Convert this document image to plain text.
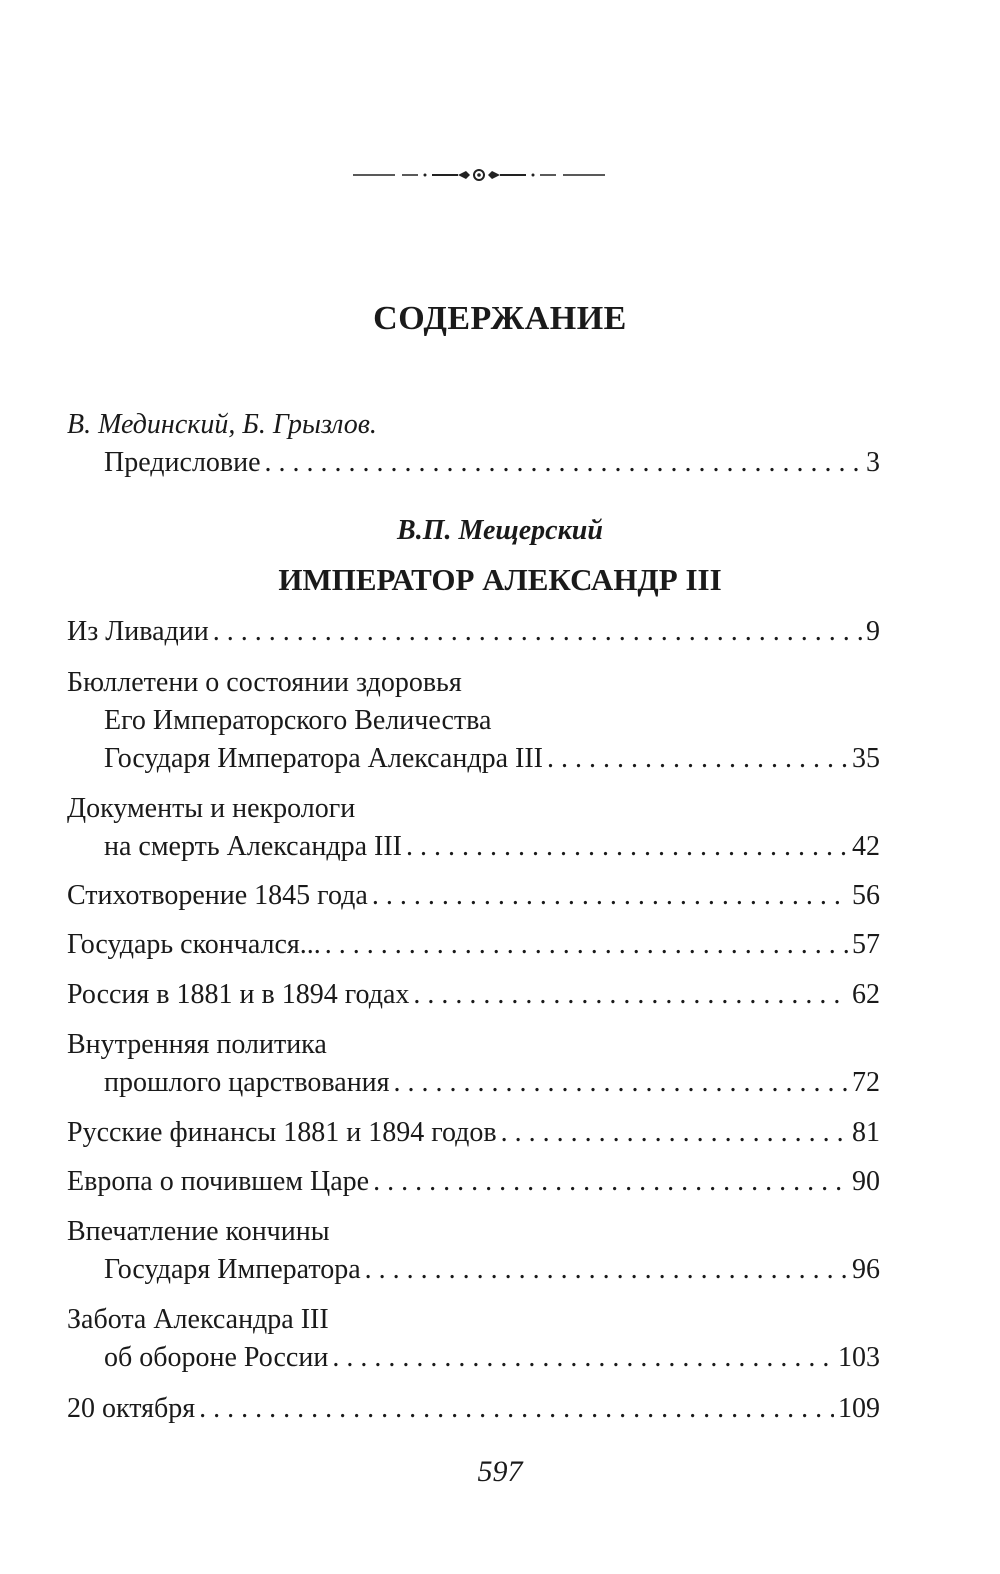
СОДЕРЖАНИЕ
В. Мединский, Б. Грызлов.
Предисловие . . .	3
В.П. Мещерский
ИМПЕРАТОР АЛЕКСАНДР III
Из Ливадии . . .	9
Бюллетени о состоянии здоровья
Его Императорского Величества
Государя Императора Александра III . . .	35
Документы и некрологи
на смерть Александра III . . .	42
Стихотворение 1845 года . . .	56
Государь скончался... . . .	57
Россия в 1881 и в 1894 годах . . .	62
Внутренняя политика
прошлого царствования . . .	72
Русские финансы 1881 и 1894 годов . . .	81
Европа о почившем Царе . . .	90
Впечатление кончины
Государя Императора . . .	96
Забота Александра III
об обороне России . . .	103
20 октября . . .	109
597
